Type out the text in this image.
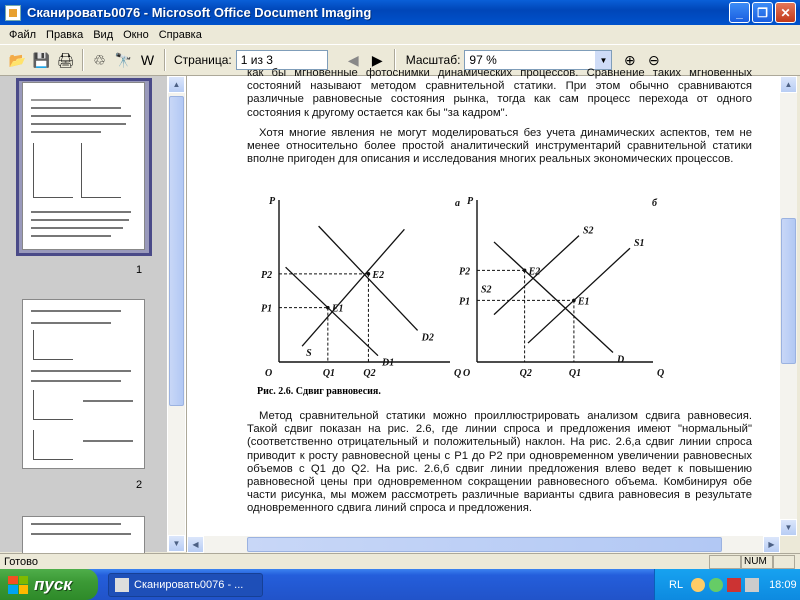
Сканировать0076 - Microsoft Office Document Imaging	_	❐	✕
Файл Правка Вид Окно Справка
📂 💾 🖨	♲ 🔭 W	Страница: 1 из 3	◀ ▶	Масштаб: 97 %	▼	⊕ ⊖
1
2
▲
▼

как бы мгновенные фотоснимки динамических процессов. Сравнение таких мгновенных состояний называют методом сравнительной статики. При этом обычно сравниваются различные равновесные состояния рынка, тогда как сам процесс перехода от одного состояния к другому остается как бы "за кадром".

Хотя многие явления не могут моделироваться без учета динамических аспектов, тем не менее относительно более простой аналитический инструментарий сравнительной статики вполне пригоден для описания и исследования многих реальных экономических процессов.

P
Q
O
а
S
D1
D2
E1
Q1
P1
E2
Q2
P2
P
Q
O
б
S1
S2
D
E1
Q1
P1
E2
Q2
P2
S2
Рис. 2.6. Сдвиг равновесия.

Метод сравнительной статики можно проиллюстрировать анализом сдвига равновесия. Такой сдвиг показан на рис. 2.6, где линии спроса и предложения имеют "нормальный" (соответственно отрицательный и положительный) наклон. На рис. 2.6,а сдвиг линии спроса приводит к росту равновесной цены с P1 до P2 при одновременном увеличении равновесных объемов с Q1 до Q2. На рис. 2.6,б сдвиг линии предложения влево ведет к повышению равновесной цены при одновременном сокращении равновесного объема. Комбинируя обе части рисунка, мы можем рассмотреть различные варианты сдвига равновесия в результате одновременного сдвига линий спроса и предложения.

▲
▼
◀	▶
Готово	NUM
пуск	Сканировать0076 - ...	RL	18:09
